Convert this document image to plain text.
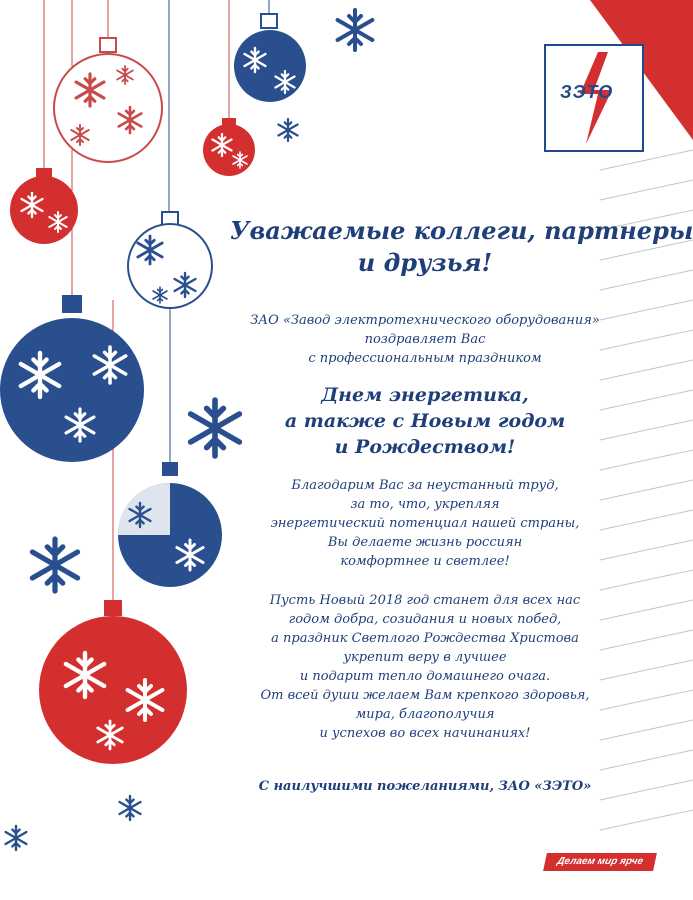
ЗЭТО

Уважаемые коллеги, партнеры
и друзья!

ЗАО «Завод электротехнического оборудования»
поздравляет Вас
с профессиональным праздником

Днем энергетика,
а также с Новым годом
и Рождеством!

Благодарим Вас за неустанный труд,
за то, что, укрепляя
энергетический потенциал нашей страны,
Вы делаете жизнь россиян
комфортнее и светлее!

Пусть Новый 2018 год станет для всех нас
годом добра, созидания и новых побед,
а праздник Светлого Рождества Христова
укрепит веру в лучшее
и подарит тепло домашнего очага.
От всей души желаем Вам крепкого здоровья,
мира, благополучия
и успехов во всех начинаниях!

С наилучшими пожеланиями, ЗАО «ЗЭТО»

Делаем мир ярче
